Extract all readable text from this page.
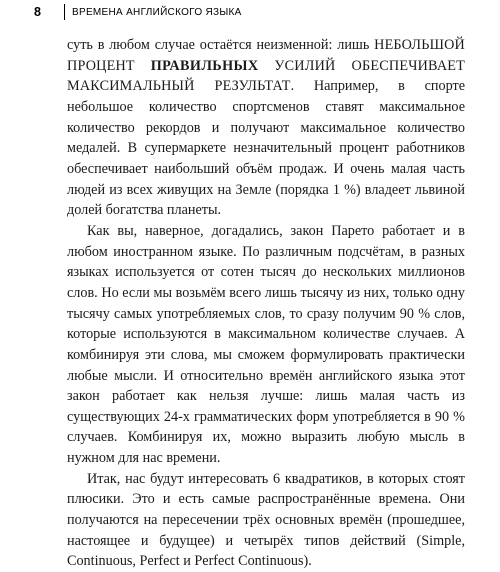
8	ВРЕМЕНА АНГЛИЙСКОГО ЯЗЫКА

суть в любом случае остаётся неизменной: лишь НЕБОЛЬШОЙ ПРОЦЕНТ ПРАВИЛЬНЫХ УСИЛИЙ ОБЕСПЕЧИВАЕТ МАКСИМАЛЬНЫЙ РЕЗУЛЬТАТ. Например, в спорте небольшое количество спортсменов ставят максимальное количество рекордов и получают максимальное количество медалей. В супермаркете незначительный процент работников обеспечивает наибольший объём продаж. И очень малая часть людей из всех живущих на Земле (порядка 1 %) владеет львиной долей богатства планеты.

Как вы, наверное, догадались, закон Парето работает и в любом иностранном языке. По различным подсчётам, в разных языках используется от сотен тысяч до нескольких миллионов слов. Но если мы возьмём всего лишь тысячу из них, только одну тысячу самых употребляемых слов, то сразу получим 90 % слов, которые используются в максимальном количестве случаев. А комбинируя эти слова, мы сможем формулировать практически любые мысли. И относительно времён английского языка этот закон работает как нельзя лучше: лишь малая часть из существующих 24-х грамматических форм употребляется в 90 % случаев. Комбинируя их, можно выразить любую мысль в нужном для нас времени.

Итак, нас будут интересовать 6 квадратиков, в которых стоят плюсики. Это и есть самые распространённые времена. Они получаются на пересечении трёх основных времён (прошедшее, настоящее и будущее) и четырёх типов действий (Simple, Continuous, Perfect и Perfect Continuous).
